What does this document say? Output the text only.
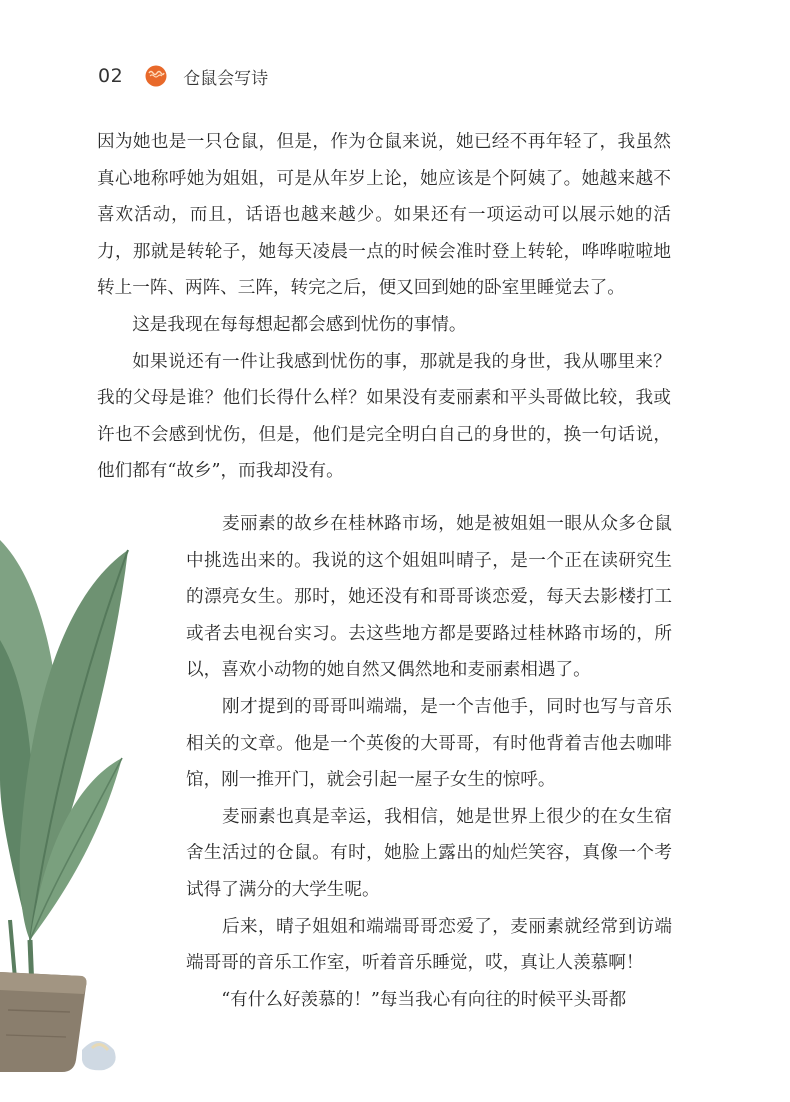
02	仓鼠会写诗

因为她也是一只仓鼠，但是，作为仓鼠来说，她已经不再年轻了，我虽然真心地称呼她为姐姐，可是从年岁上论，她应该是个阿姨了。她越来越不喜欢活动，而且，话语也越来越少。如果还有一项运动可以展示她的活力，那就是转轮子，她每天凌晨一点的时候会准时登上转轮，哗哗啦啦地转上一阵、两阵、三阵，转完之后，便又回到她的卧室里睡觉去了。

这是我现在每每想起都会感到忧伤的事情。

如果说还有一件让我感到忧伤的事，那就是我的身世，我从哪里来？我的父母是谁？他们长得什么样？如果没有麦丽素和平头哥做比较，我或许也不会感到忧伤，但是，他们是完全明白自己的身世的，换一句话说，他们都有“故乡”，而我却没有。

　　麦丽素的故乡在桂林路市场，她是被姐姐一眼从众多仓鼠中挑选出来的。我说的这个姐姐叫晴子，是一个正在读研究生的漂亮女生。那时，她还没有和哥哥谈恋爱，每天去影楼打工或者去电视台实习。去这些地方都是要路过桂林路市场的，所以，喜欢小动物的她自然又偶然地和麦丽素相遇了。

　　刚才提到的哥哥叫端端，是一个吉他手，同时也写与音乐相关的文章。他是一个英俊的大哥哥，有时他背着吉他去咖啡馆，刚一推开门，就会引起一屋子女生的惊呼。

　　麦丽素也真是幸运，我相信，她是世界上很少的在女生宿舍生活过的仓鼠。有时，她脸上露出的灿烂笑容，真像一个考试得了满分的大学生呢。

　　后来，晴子姐姐和端端哥哥恋爱了，麦丽素就经常到访端端哥哥的音乐工作室，听着音乐睡觉，哎，真让人羡慕啊！

　　“有什么好羡慕的！”每当我心有向往的时候平头哥都
